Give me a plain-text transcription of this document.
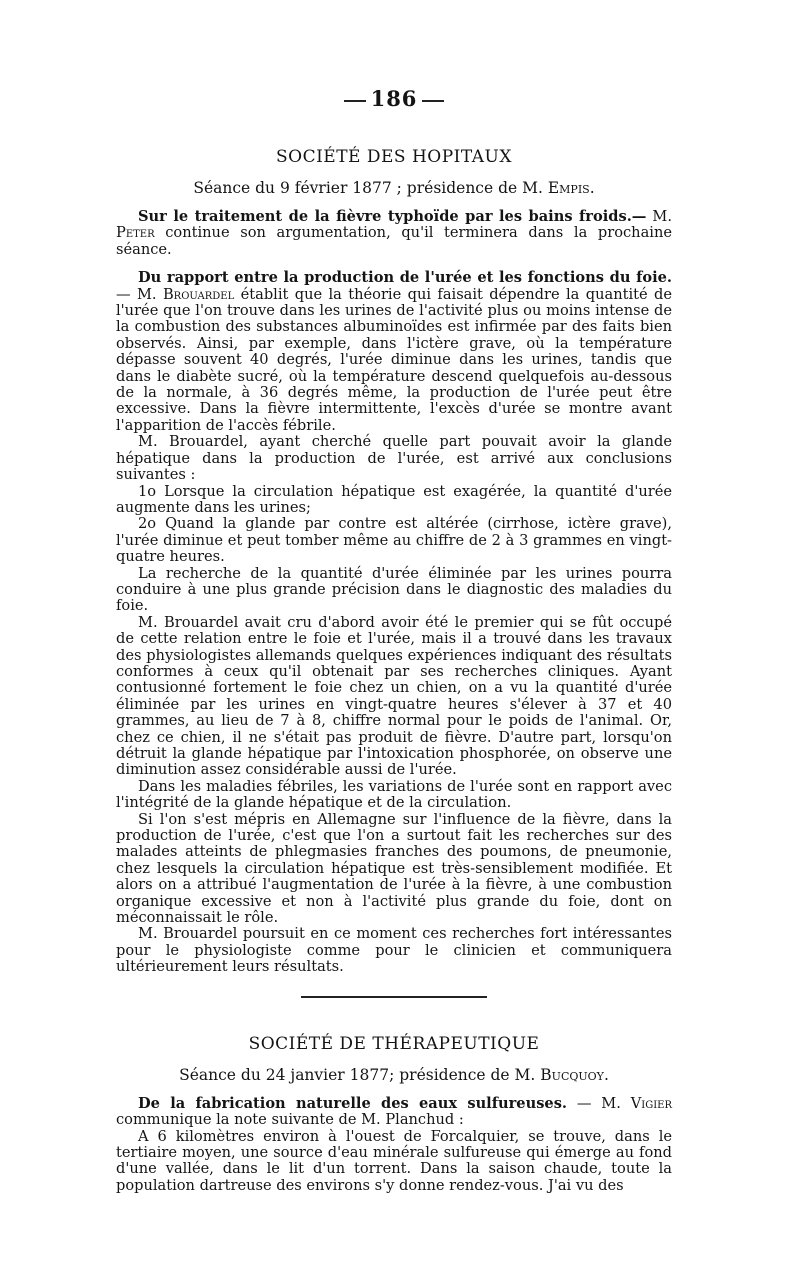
186
SOCIÉTÉ DES HOPITAUX

Séance du 9 février 1877 ; présidence de M. Empis.

Sur le traitement de la fièvre typhoïde par les bains froids.— M. Peter continue son argumentation, qu'il terminera dans la prochaine séance.

Du rapport entre la production de l'urée et les fonctions du foie. — M. Brouardel établit que la théorie qui faisait dépendre la quantité de l'urée que l'on trouve dans les urines de l'activité plus ou moins intense de la combustion des substances albuminoïdes est infirmée par des faits bien observés. Ainsi, par exemple, dans l'ictère grave, où la température dépasse souvent 40 degrés, l'urée diminue dans les urines, tandis que dans le diabète sucré, où la température descend quelquefois au-dessous de la normale, à 36 degrés même, la production de l'urée peut être excessive. Dans la fièvre intermittente, l'excès d'urée se montre avant l'apparition de l'accès fébrile.

M. Brouardel, ayant cherché quelle part pouvait avoir la glande hépatique dans la production de l'urée, est arrivé aux conclusions suivantes :

1o Lorsque la circulation hépatique est exagérée, la quantité d'urée augmente dans les urines;

2o Quand la glande par contre est altérée (cirrhose, ictère grave), l'urée diminue et peut tomber même au chiffre de 2 à 3 grammes en vingt-quatre heures.

La recherche de la quantité d'urée éliminée par les urines pourra conduire à une plus grande précision dans le diagnostic des maladies du foie.

M. Brouardel avait cru d'abord avoir été le premier qui se fût occupé de cette relation entre le foie et l'urée, mais il a trouvé dans les travaux des physiologistes allemands quelques expériences indiquant des résultats conformes à ceux qu'il obtenait par ses recherches cliniques. Ayant contusionné fortement le foie chez un chien, on a vu la quantité d'urée éliminée par les urines en vingt-quatre heures s'élever à 37 et 40 grammes, au lieu de 7 à 8, chiffre normal pour le poids de l'animal. Or, chez ce chien, il ne s'était pas produit de fièvre. D'autre part, lorsqu'on détruit la glande hépatique par l'intoxication phosphorée, on observe une diminution assez considérable aussi de l'urée.

Dans les maladies fébriles, les variations de l'urée sont en rapport avec l'intégrité de la glande hépatique et de la circulation.

Si l'on s'est mépris en Allemagne sur l'influence de la fièvre, dans la production de l'urée, c'est que l'on a surtout fait les recherches sur des malades atteints de phlegmasies franches des poumons, de pneumonie, chez lesquels la circulation hépatique est très-sensiblement modifiée. Et alors on a attribué l'augmentation de l'urée à la fièvre, à une combustion organique excessive et non à l'activité plus grande du foie, dont on méconnaissait le rôle.

M. Brouardel poursuit en ce moment ces recherches fort intéressantes pour le physiologiste comme pour le clinicien et communiquera ultérieurement leurs résultats.

SOCIÉTÉ DE THÉRAPEUTIQUE

Séance du 24 janvier 1877; présidence de M. Bucquoy.

De la fabrication naturelle des eaux sulfureuses. — M. Vigier communique la note suivante de M. Planchud :

A 6 kilomètres environ à l'ouest de Forcalquier, se trouve, dans le tertiaire moyen, une source d'eau minérale sulfureuse qui émerge au fond d'une vallée, dans le lit d'un torrent. Dans la saison chaude, toute la population dartreuse des environs s'y donne rendez-vous. J'ai vu des
